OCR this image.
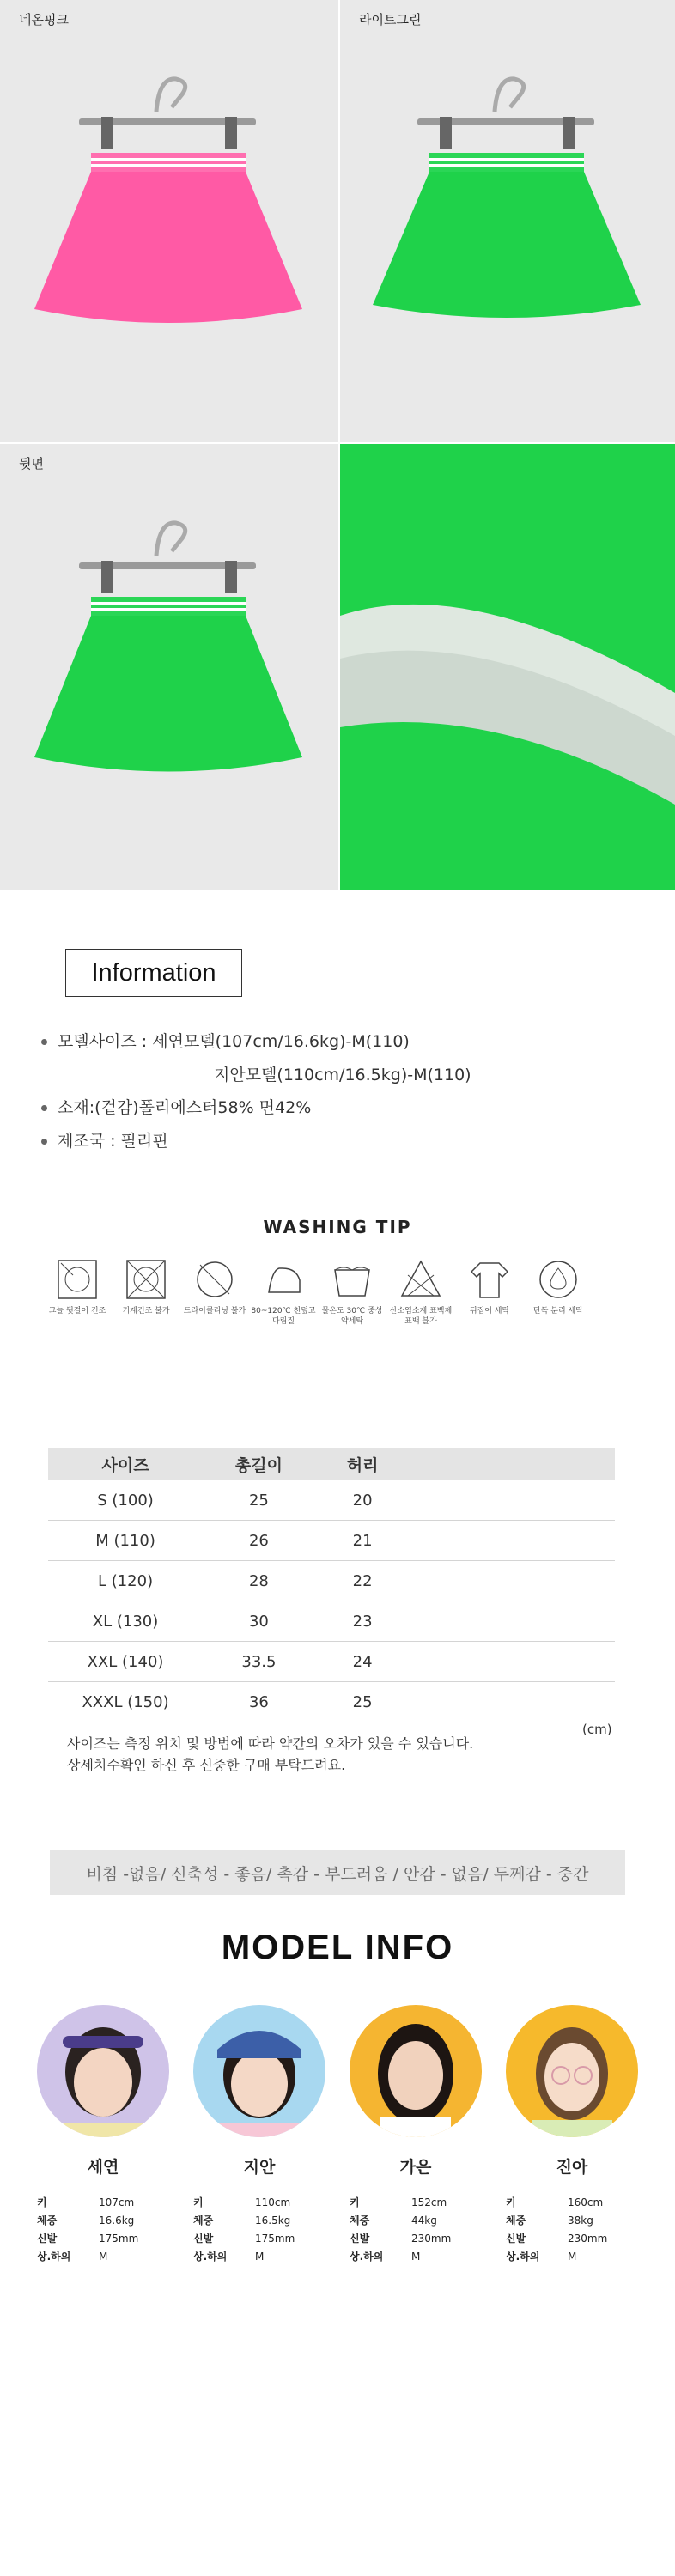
네온핑크	라이트그린
뒷면
Information
모델사이즈 : 세연모델(107cm/16.6kg)-M(110)
지안모델(110cm/16.5kg)-M(110)
소재:(겉감)폴리에스터58% 면42%
제조국 : 필리핀
WASHING TIP
그늘 뒷걸이 건조	기계건조 불가	드라이클리닝 불가 80~120℃ 천덮고 다림질
물온도 30℃ 중성 약세탁
산소염소계 표백제 표백 불가
뒤집어 세탁	단독 분리 세탁
사이즈	총길이	허리	
S (100)	25	20	
M (110)	26	21	
L (120)	28	22	
XL (130)	30	23	
XXL (140)	33.5	24	
XXXL (150)	36	25	
(cm)
사이즈는 측정 위치 및 방법에 따라 약간의 오차가 있을 수 있습니다.
상세치수확인 하신 후 신중한 구매 부탁드려요.
비침 -없음/ 신축성 - 좋음/ 촉감 - 부드러움 / 안감 - 없음/ 두께감 - 중간
MODEL INFO
세연
키	107cm
체중	16.6kg
신발	175mm
상.하의	M
지안
키	110cm
체중	16.5kg
신발	175mm
상.하의	M
가은
키	152cm
체중	44kg
신발	230mm
상.하의	M
진아
키	160cm
체중	38kg
신발	230mm
상.하의	M
